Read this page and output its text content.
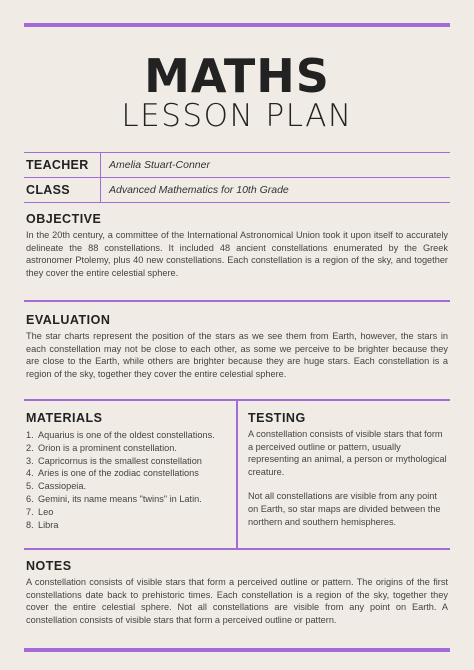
MATHS
LESSON PLAN
TEACHER	Amelia Stuart-Conner
CLASS	Advanced Mathematics for 10th Grade
OBJECTIVE

In the 20th century, a committee of the International Astronomical Union took it upon itself to accurately delineate the 88 constellations. It included 48 ancient constellations enumerated by the Greek astronomer Ptolemy, plus 40 new constellations. Each constellation is a region of the sky, and together they cover the entire celestial sphere.

EVALUATION

The star charts represent the position of the stars as we see them from Earth, however, the stars in each constellation may not be close to each other, as some we perceive to be brighter because they are close to the Earth, while others are brighter because they are huge stars. Each constellation is a region of the sky, together they cover the entire celestial sphere.

MATERIALS
1. Aquarius is one of the oldest constellations.
2. Orion is a prominent constellation.
3. Capricornus is the smallest constellation
4. Aries is one of the zodiac constellations
5. Cassiopeia.
6. Gemini, its name means "twins" in Latin.
7. Leo
8. Libra
TESTING

A constellation consists of visible stars that form a perceived outline or pattern, usually representing an animal, a person or mythological creature.

Not all constellations are visible from any point on Earth, so star maps are divided between the northern and southern hemispheres.

NOTES

A constellation consists of visible stars that form a perceived outline or pattern. The origins of the first constellations date back to prehistoric times. Each constellation is a region of the sky, together they cover the entire celestial sphere. Not all constellations are visible from any point on Earth. A constellation consists of visible stars that form a perceived outline or pattern.
